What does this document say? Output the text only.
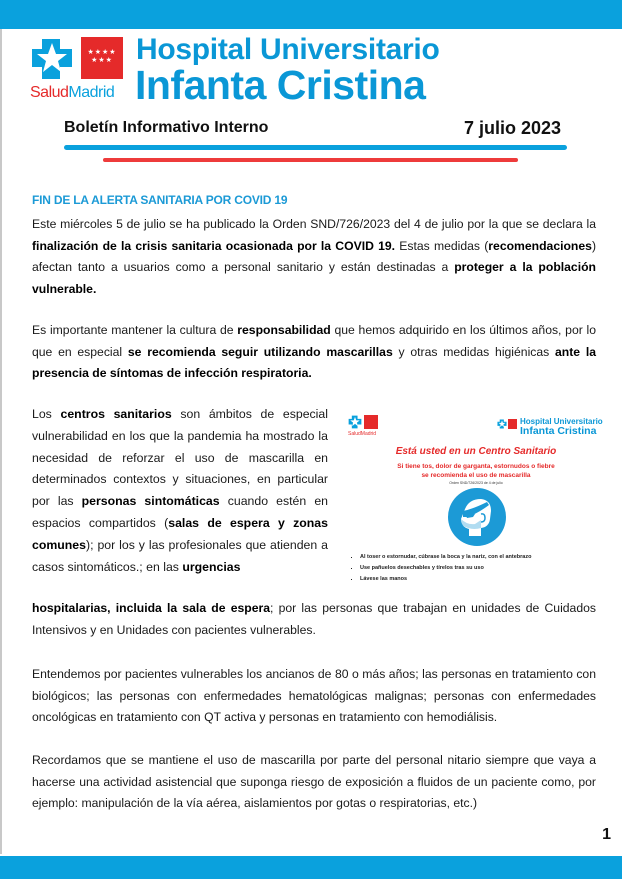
★★★★
★★★
SaludMadrid
Hospital Universitario
Infanta Cristina
Boletín Informativo Interno	7 julio 2023
FIN DE LA ALERTA SANITARIA POR COVID 19
Este miércoles 5 de julio se ha publicado la Orden SND/726/2023 del 4 de julio por la que se declara la finalización de la crisis sanitaria ocasionada por la COVID 19. Estas medidas (recomendaciones) afectan tanto a usuarios como a personal sanitario y están destinadas a proteger a la población vulnerable.
Es importante mantener la cultura de responsabilidad que hemos adquirido en los últimos años, por lo que en especial se recomienda seguir utilizando mascarillas y otras medidas higiénicas ante la presencia de síntomas de infección respiratoria.
Los centros sanitarios son ámbitos de especial vulnerabilidad en los que la pandemia ha mostrado la necesidad de reforzar el uso de mascarilla en determinados contextos y situaciones, en particular por las personas sintomáticas cuando estén en espacios compartidos (salas de espera y zonas comunes); por los y las profesionales que atienden a casos sintomáticos.; en las urgencias
SaludMadrid
Hospital Universitario
Infanta Cristina
Está usted en un Centro Sanitario
Si tiene tos, dolor de garganta, estornudos o fiebre
se recomienda el uso de mascarilla
Orden SND/726/2023 de 4 de julio
▪ Al toser o estornudar, cúbrase la boca y la nariz, con el antebrazo
▪ Use pañuelos desechables y tírelos tras su uso
▪ Lávese las manos
hospitalarias, incluida la sala de espera; por las personas que trabajan en unidades de Cuidados Intensivos y en Unidades con pacientes vulnerables.
Entendemos por pacientes vulnerables los ancianos de 80 o más años; las personas en tratamiento con biológicos; las personas con enfermedades hematológicas malignas; personas con enfermedades oncológicas en tratamiento con QT activa y personas en tratamiento con hemodiálisis.
Recordamos que se mantiene el uso de mascarilla por parte del personal nitario siempre que vaya a hacerse una actividad asistencial que suponga riesgo de exposición a fluidos de un paciente como, por ejemplo: manipulación de la vía aérea, aislamientos por gotas o respiratorias, etc.)
1
